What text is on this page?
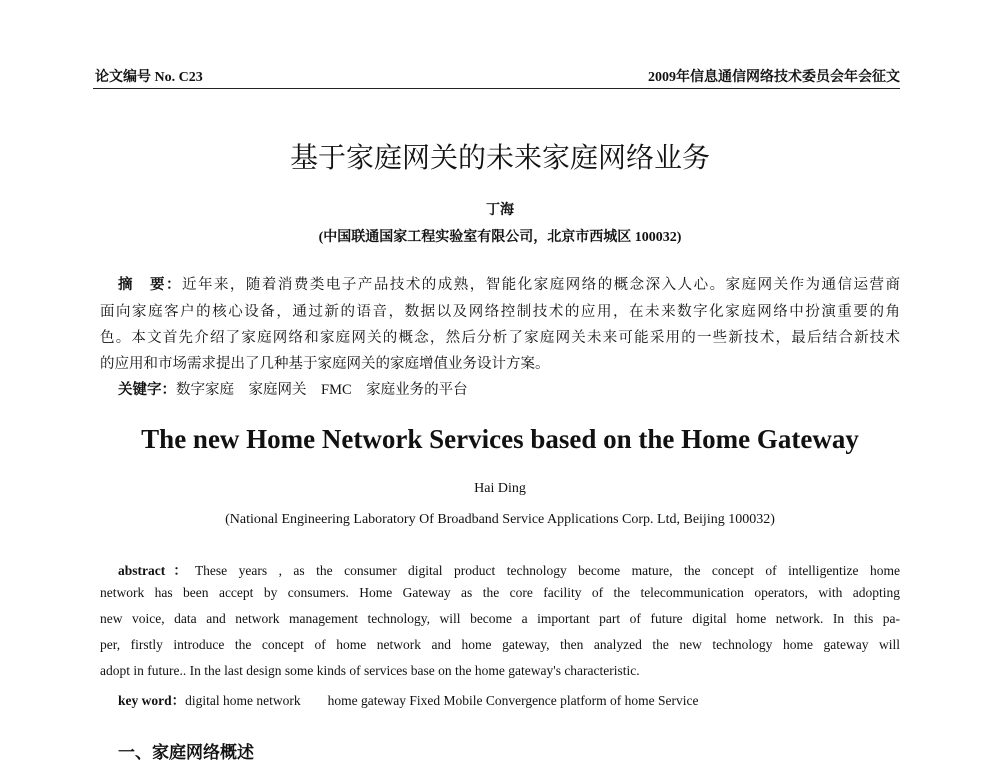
论文编号 No. C23	2009年信息通信网络技术委员会年会征文
基于家庭网关的未来家庭网络业务
丁海
(中国联通国家工程实验室有限公司，北京市西城区 100032)
摘　要：近年来，随着消费类电子产品技术的成熟，智能化家庭网络的概念深入人心。家庭网关作为通信运营商
面向家庭客户的核心设备，通过新的语音，数据以及网络控制技术的应用，在未来数字化家庭网络中扮演重要的角
色。本文首先介绍了家庭网络和家庭网关的概念，然后分析了家庭网关未来可能采用的一些新技术，最后结合新技术
的应用和市场需求提出了几种基于家庭网关的家庭增值业务设计方案。
关键字：数字家庭　家庭网关　FMC　家庭业务的平台
The new Home Network Services based on the Home Gateway
Hai Ding
(National Engineering Laboratory Of Broadband Service Applications Corp. Ltd, Beijing 100032)
abstract：These years , as the consumer digital product technology become mature, the concept of intelligentize home
network has been accept by consumers. Home Gateway as the core facility of the telecommunication operators, with adopting
new voice, data and network management technology, will become a important part of future digital home network. In this pa-
per, firstly introduce the concept of home network and home gateway, then analyzed the new technology home gateway will
adopt in future.. In the last design some kinds of services base on the home gateway's characteristic.
key word：digital home network　　home gateway Fixed Mobile Convergence platform of home Service
一、家庭网络概述
